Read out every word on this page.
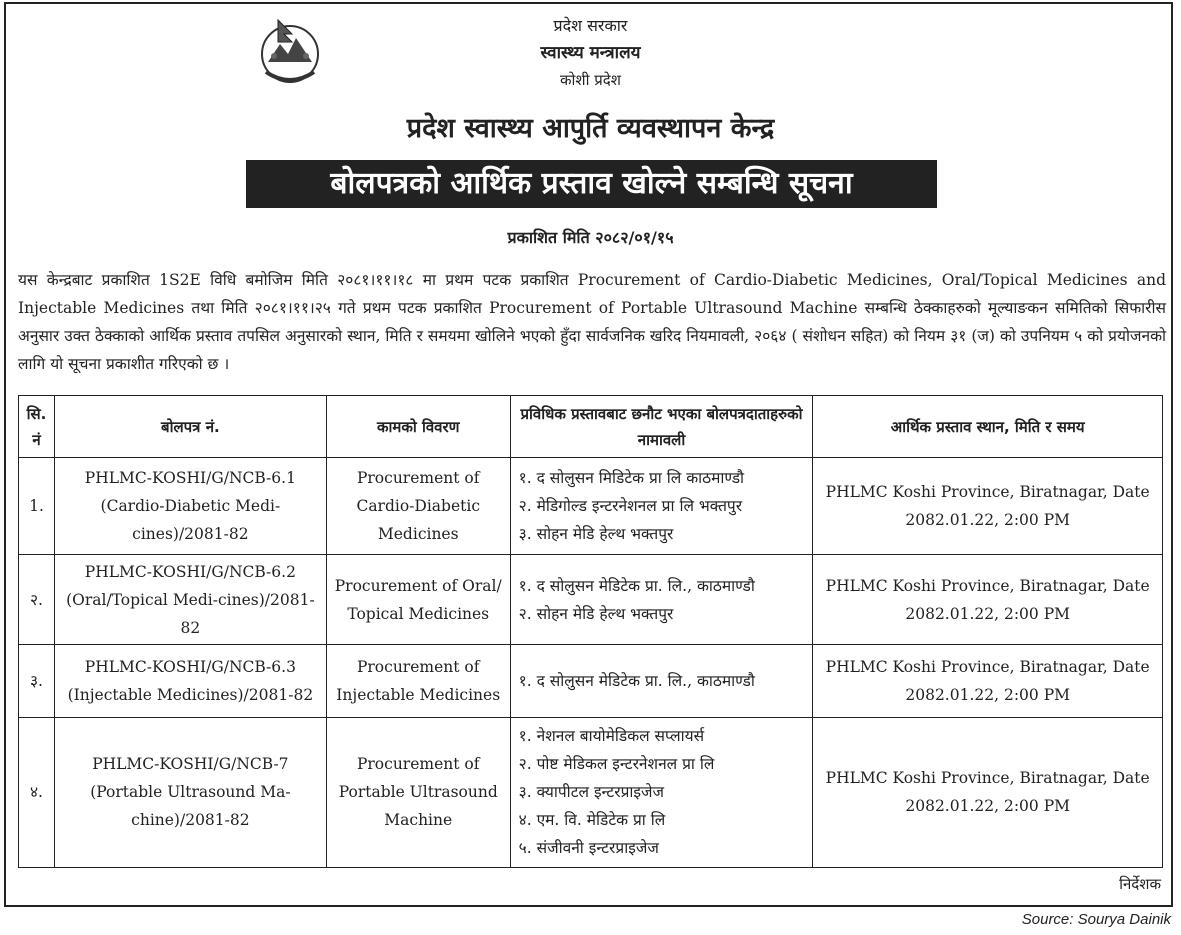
प्रदेश सरकार
स्वास्थ्य मन्त्रालय
कोशी प्रदेश
प्रदेश स्वास्थ्य आपुर्ति व्यवस्थापन केन्द्र
बोलपत्रको आर्थिक प्रस्ताव खोल्ने सम्बन्धि सूचना
प्रकाशित मिति २०८२/०१/१५
यस केन्द्रबाट प्रकाशित 1S2E विधि बमोजिम मिति २०८१।११।१८ मा प्रथम पटक प्रकाशित Procurement of Cardio-Diabetic Medicines, Oral/Topical Medicines and Injectable Medicines तथा मिति २०८१।११।२५ गते प्रथम पटक प्रकाशित Procurement of Portable Ultrasound Machine सम्बन्धि ठेक्काहरुको मूल्याङकन समितिको सिफारीस अनुसार उक्त ठेक्काको आर्थिक प्रस्ताव तपसिल अनुसारको स्थान, मिति र समयमा खोलिने भएको हुँदा सार्वजनिक खरिद नियमावली, २०६४ ( संशोधन सहित) को नियम ३१ (ज) को उपनियम ५ को प्रयोजनको लागि यो सूचना प्रकाशीत गरिएको छ ।
सि. नं	बोलपत्र नं.	कामको विवरण	प्रविधिक प्रस्तावबाट छनौट भएका बोलपत्रदाताहरुको नामावली	आर्थिक प्रस्ताव स्थान, मिति र समय
1.	PHLMC-KOSHI/G/NCB-6.1 (Cardio-Diabetic Medi-cines)/2081-82	Procurement of Cardio-Diabetic Medicines	१. द सोलुसन मिडिटेक प्रा लि काठमाण्डौ
२. मेडिगोल्ड इन्टरनेशनल प्रा लि भक्तपुर
३. सोहन मेडि हेल्थ भक्तपुर	PHLMC Koshi Province, Biratnagar, Date 2082.01.22, 2:00 PM
२.	PHLMC-KOSHI/G/NCB-6.2 (Oral/Topical Medi-cines)/2081-82	Procurement of Oral/ Topical Medicines	१. द सोलुसन मेडिटेक प्रा. लि., काठमाण्डौ
२. सोहन मेडि हेल्थ भक्तपुर	PHLMC Koshi Province, Biratnagar, Date 2082.01.22, 2:00 PM
३.	PHLMC-KOSHI/G/NCB-6.3 (Injectable Medicines)/2081-82	Procurement of Injectable Medicines	१. द सोलुसन मेडिटेक प्रा. लि., काठमाण्डौ	PHLMC Koshi Province, Biratnagar, Date 2082.01.22, 2:00 PM
४.	PHLMC-KOSHI/G/NCB-7 (Portable Ultrasound Ma-chine)/2081-82	Procurement of Portable Ultrasound Machine	१. नेशनल बायोमेडिकल सप्लायर्स
२. पोष्ट मेडिकल इन्टरनेशनल प्रा लि
३. क्यापीटल इन्टरप्राइजेज
४. एम. वि. मेडिटेक प्रा लि
५. संजीवनी इन्टरप्राइजेज	PHLMC Koshi Province, Biratnagar, Date 2082.01.22, 2:00 PM
निर्देशक
Source: Sourya Dainik
